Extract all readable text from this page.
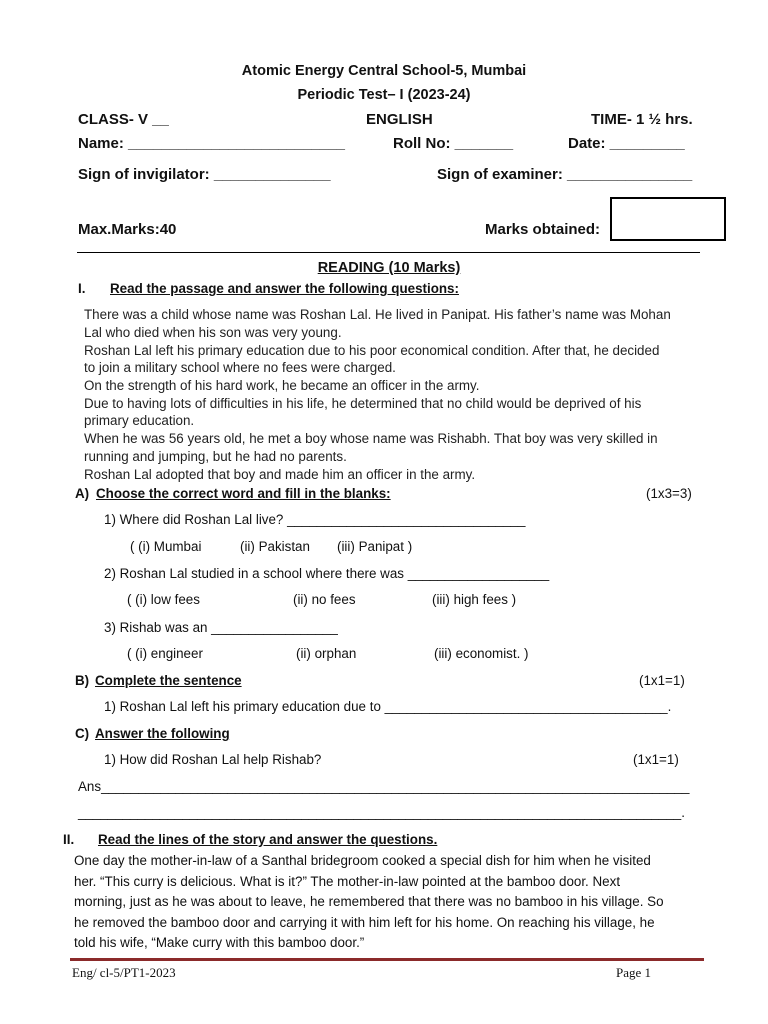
Atomic Energy Central School-5, Mumbai
Periodic Test– I (2023-24)
CLASS- V __	ENGLISH	TIME- 1 ½ hrs.
Name: __________________________	Roll No: _______	Date: _________
Sign of invigilator: ______________	Sign of examiner: _______________
Max.Marks:40	Marks obtained:
READING (10 Marks)
I. Read the passage and answer the following questions:
There was a child whose name was Roshan Lal. He lived in Panipat. His father’s name was Mohan
Lal who died when his son was very young.
Roshan Lal left his primary education due to his poor economical condition. After that, he decided
to join a military school where no fees were charged.
On the strength of his hard work, he became an officer in the army.
Due to having lots of difficulties in his life, he determined that no child would be deprived of his
primary education.
When he was 56 years old, he met a boy whose name was Rishabh. That boy was very skilled in
running and jumping, but he had no parents.
Roshan Lal adopted that boy and made him an officer in the army.
A) Choose the correct word and fill in the blanks:	(1x3=3)
1) Where did Roshan Lal live? ________________________________
( (i) Mumbai	(ii) Pakistan (iii) Panipat )
2) Roshan Lal studied in a school where there was ___________________
( (i) low fees	(ii) no fees	(iii) high fees )
3) Rishab was an _________________
( (i) engineer	(ii) orphan	(iii) economist. )
B) Complete the sentence	(1x1=1)
1) Roshan Lal left his primary education due to ______________________________________.
C) Answer the following
1) How did Roshan Lal help Rishab?	(1x1=1)
Ans_______________________________________________________________________________
_________________________________________________________________________________.
II. Read the lines of the story and answer the questions.
One day the mother-in-law of a Santhal bridegroom cooked a special dish for him when he visited
her. “This curry is delicious. What is it?” The mother-in-law pointed at the bamboo door. Next
morning, just as he was about to leave, he remembered that there was no bamboo in his village. So
he removed the bamboo door and carrying it with him left for his home. On reaching his village, he
told his wife, “Make curry with this bamboo door.”
Eng/ cl-5/PT1-2023	Page 1
